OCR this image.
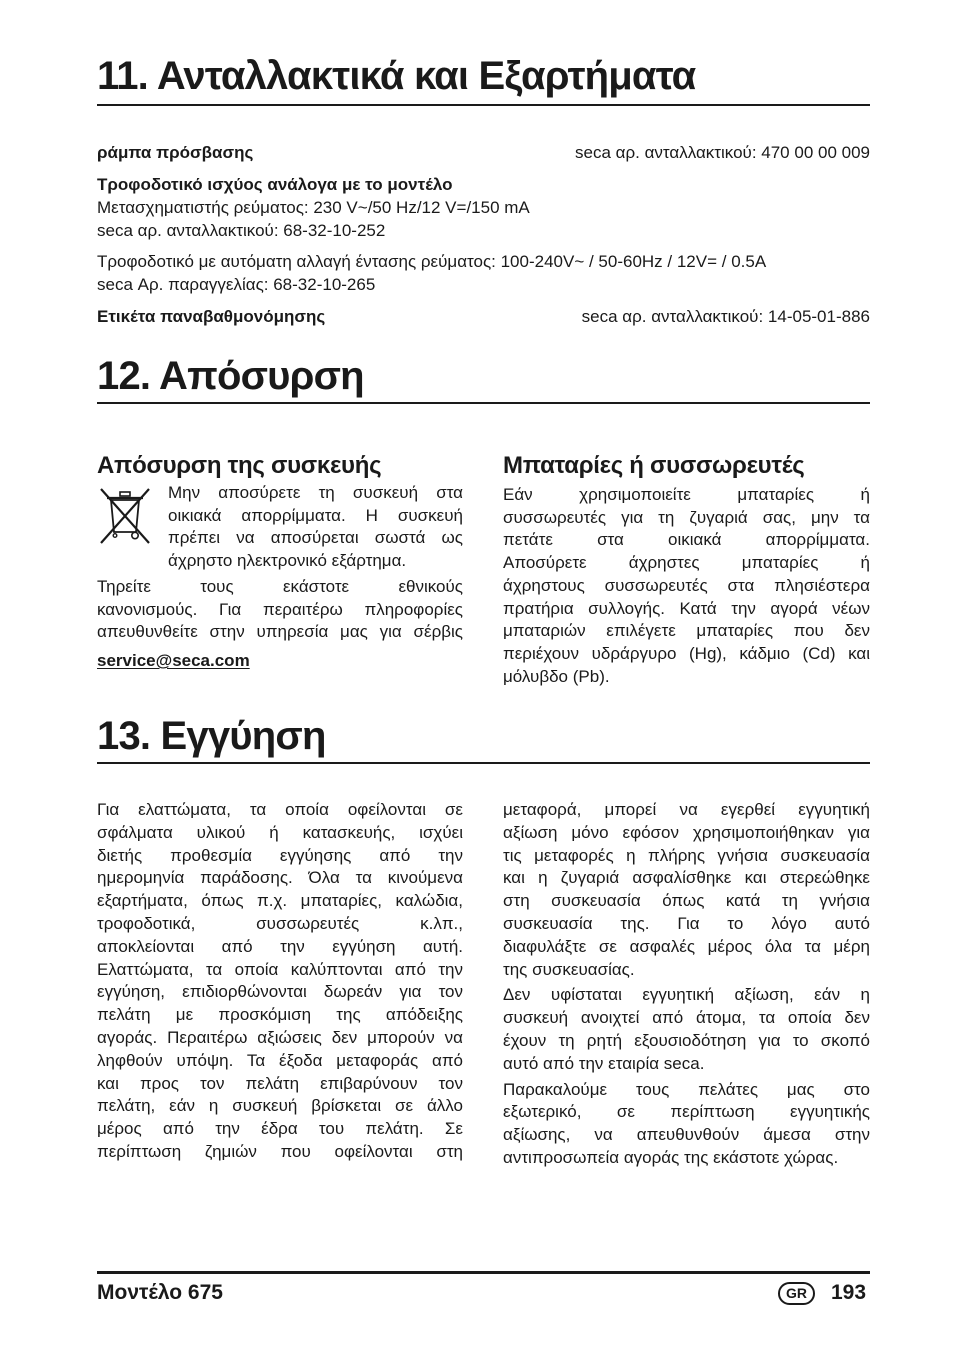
11. Ανταλλακτικά και Εξαρτήματα
ράμπα πρόσβασης	seca αρ. ανταλλακτικού: 470 00 00 009
Τροφοδοτικό ισχύος ανάλογα με το μοντέλο
Μετασχηματιστής ρεύματος: 230 V~/50 Hz/12 V=/150 mA
seca αρ. ανταλλακτικού: 68-32-10-252
Τροφοδοτικό με αυτόματη αλλαγή έντασης ρεύματος: 100-240V~ / 50-60Hz / 12V= / 0.5A
seca Αρ. παραγγελίας: 68-32-10-265
Ετικέτα παναβαθμονόμησης	seca αρ. ανταλλακτικού: 14-05-01-886
12. Απόσυρση
Απόσυρση της συσκευής	Μπαταρίες ή συσσωρευτές
Μην αποσύρετε τη συσκευή στα
οικιακά απορρίμματα. Η συσκευή
πρέπει να αποσύρεται σωστά ως
άχρηστο ηλεκτρονικό εξάρτημα.
Τηρείτε τους εκάστοτε εθνικούς
κανονισμούς. Για περαιτέρω πληροφορίες
απευθυνθείτε στην υπηρεσία μας για σέρβις
service@seca.com
Εάν χρησιμοποιείτε μπαταρίες ή
συσσωρευτές για τη ζυγαριά σας, μην τα
πετάτε στα οικιακά απορρίμματα.
Αποσύρετε άχρηστες μπαταρίες ή
άχρηστους συσσωρευτές στα πλησιέστερα
πρατήρια συλλογής. Κατά την αγορά νέων
μπαταριών επιλέγετε μπαταρίες που δεν
περιέχουν υδράργυρο (Hg), κάδμιο (Cd) και
μόλυβδο (Pb).
13. Εγγύηση
Για ελαττώματα, τα οποία οφείλονται σε
σφάλματα υλικού ή κατασκευής, ισχύει
διετής προθεσμία εγγύησης από την
ημερομηνία παράδοσης. Όλα τα κινούμενα
εξαρτήματα, όπως π.χ. μπαταρίες, καλώδια,
τροφοδοτικά, συσσωρευτές κ.λπ.,
αποκλείονται από την εγγύηση αυτή.
Ελαττώματα, τα οποία καλύπτονται από την
εγγύηση, επιδιορθώνονται δωρεάν για τον
πελάτη με προσκόμιση της απόδειξης
αγοράς. Περαιτέρω αξιώσεις δεν μπορούν να
ληφθούν υπόψη. Τα έξοδα μεταφοράς από
και προς τον πελάτη επιβαρύνουν τον
πελάτη, εάν η συσκευή βρίσκεται σε άλλο
μέρος από την έδρα του πελάτη. Σε
περίπτωση ζημιών που οφείλονται στη
μεταφορά, μπορεί να εγερθεί εγγυητική
αξίωση μόνο εφόσον χρησιμοποιήθηκαν για
τις μεταφορές η πλήρης γνήσια συσκευασία
και η ζυγαριά ασφαλίσθηκε και στερεώθηκε
στη συσκευασία όπως κατά τη γνήσια
συσκευασία της. Για το λόγο αυτό
διαφυλάξτε σε ασφαλές μέρος όλα τα μέρη
της συσκευασίας.
Δεν υφίσταται εγγυητική αξίωση, εάν η
συσκευή ανοιχτεί από άτομα, τα οποία δεν
έχουν τη ρητή εξουσιοδότηση για το σκοπό
αυτό από την εταιρία seca.
Παρακαλούμε τους πελάτες μας στο
εξωτερικό, σε περίπτωση εγγυητικής
αξίωσης, να απευθυνθούν άμεσα στην
αντιπροσωπεία αγοράς της εκάστοτε χώρας.
Μοντέλο 675	GR	193
